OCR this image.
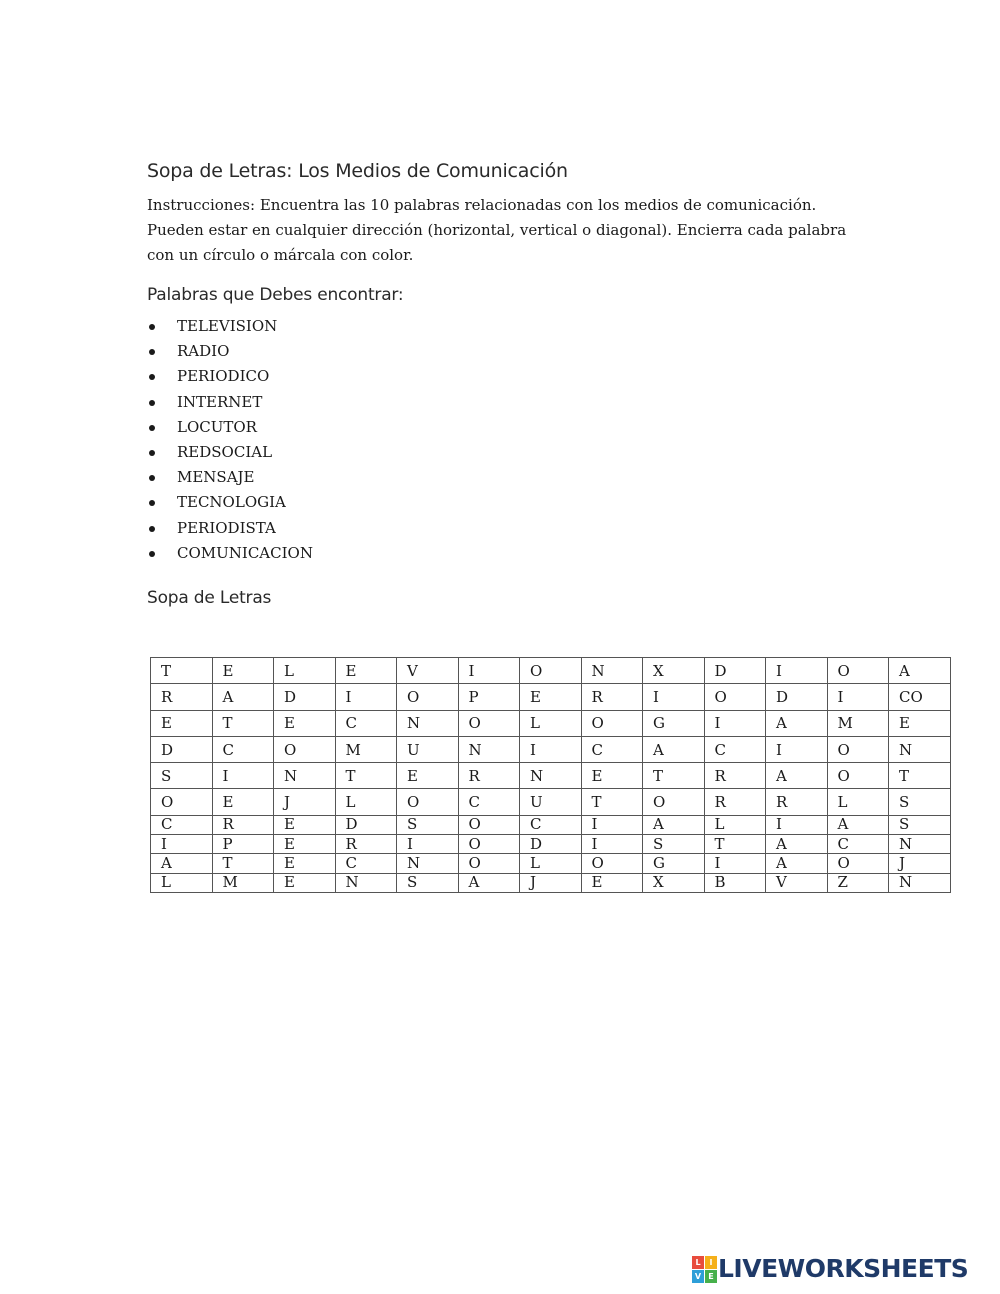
Sopa de Letras: Los Medios de Comunicación
Instrucciones: Encuentra las 10 palabras relacionadas con los medios de comunicación. Pueden estar en cualquier dirección (horizontal, vertical o diagonal). Encierra cada palabra con un círculo o márcala con color.
Palabras que Debes encontrar:
TELEVISION
RADIO
PERIODICO
INTERNET
LOCUTOR
REDSOCIAL
MENSAJE
TECNOLOGIA
PERIODISTA
COMUNICACION
Sopa de Letras
T	E	L	E	V	I	O	N	X	D	I	O	A
R	A	D	I	O	P	E	R	I	O	D	I	CO
E	T	E	C	N	O	L	O	G	I	A	M	E
D	C	O	M	U	N	I	C	A	C	I	O	N
S	I	N	T	E	R	N	E	T	R	A	O	T
O	E	J	L	O	C	U	T	O	R	R	L	S
C	R	E	D	S	O	C	I	A	L	I	A	S
I	P	E	R	I	O	D	I	S	T	A	C	N
A	T	E	C	N	O	L	O	G	I	A	O	J
L	M	E	N	S	A	J	E	X	B	V	Z	N
L	I
V E LIVEWORKSHEETS
